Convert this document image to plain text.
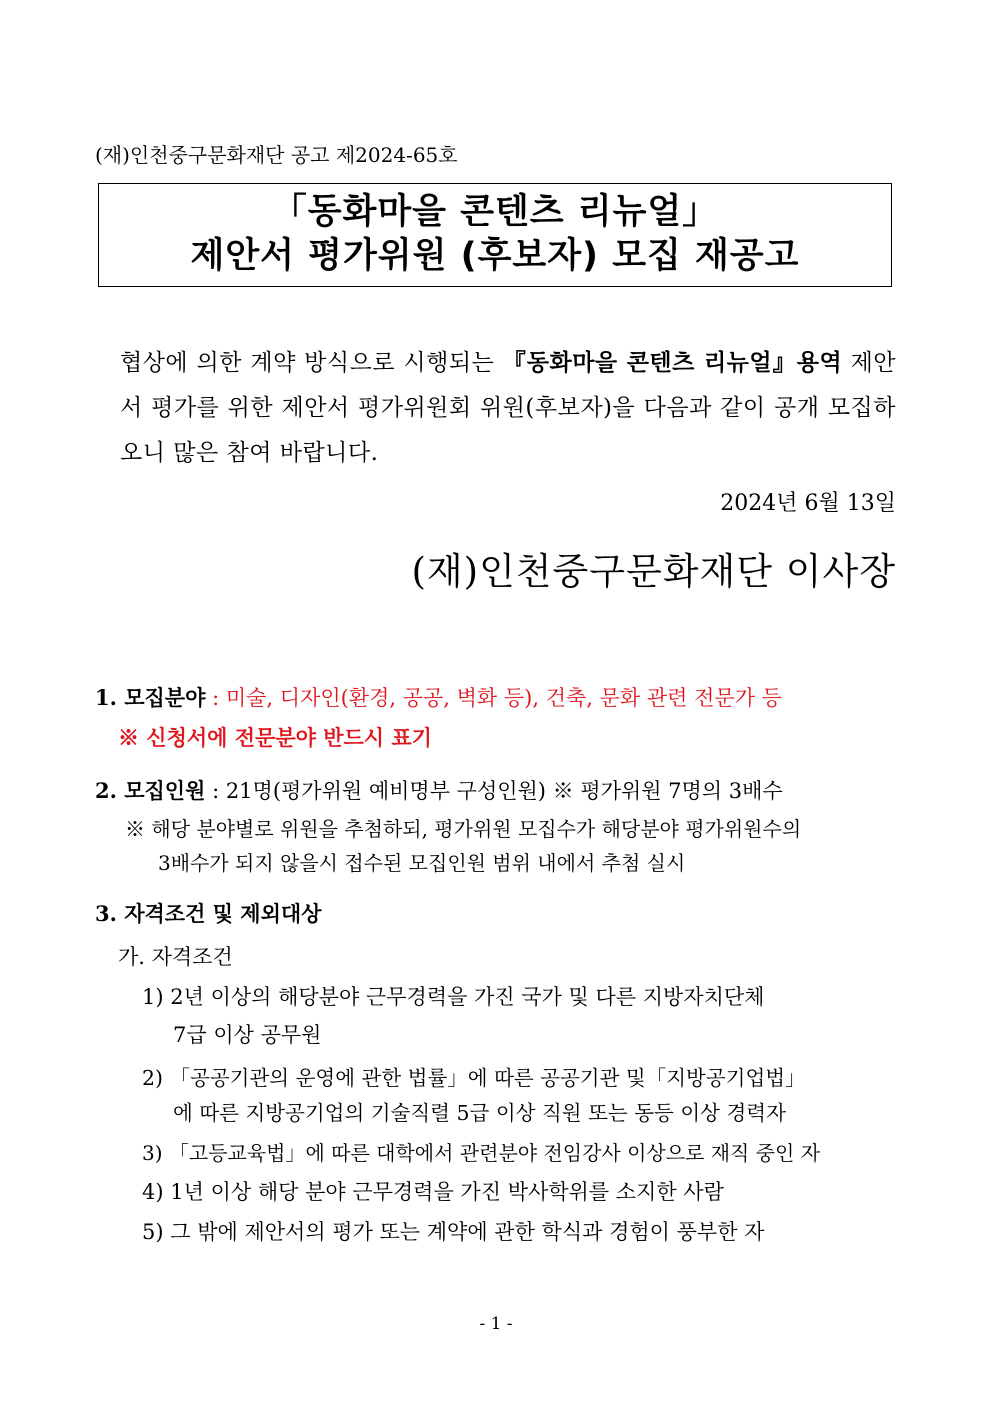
(재)인천중구문화재단 공고 제2024-65호
「동화마을 콘텐츠 리뉴얼」
제안서 평가위원 (후보자) 모집 재공고
협상에 의한 계약 방식으로 시행되는 『동화마을 콘텐츠 리뉴얼』용역 제안서 평가를 위한 제안서 평가위원회 위원(후보자)을 다음과 같이 공개 모집하오니 많은 참여 바랍니다.
2024년 6월 13일
(재)인천중구문화재단 이사장
1. 모집분야 : 미술, 디자인(환경, 공공, 벽화 등), 건축, 문화 관련 전문가 등
※ 신청서에 전문분야 반드시 표기
2. 모집인원 : 21명(평가위원 예비명부 구성인원) ※ 평가위원 7명의 3배수
※ 해당 분야별로 위원을 추첨하되, 평가위원 모집수가 해당분야 평가위원수의
3배수가 되지 않을시 접수된 모집인원 범위 내에서 추첨 실시
3. 자격조건 및 제외대상
가. 자격조건
1) 2년 이상의 해당분야 근무경력을 가진 국가 및 다른 지방자치단체
7급 이상 공무원
2) 「공공기관의 운영에 관한 법률」에 따른 공공기관 및「지방공기업법」
에 따른 지방공기업의 기술직렬 5급 이상 직원 또는 동등 이상 경력자
3) 「고등교육법」에 따른 대학에서 관련분야 전임강사 이상으로 재직 중인 자
4) 1년 이상 해당 분야 근무경력을 가진 박사학위를 소지한 사람
5) 그 밖에 제안서의 평가 또는 계약에 관한 학식과 경험이 풍부한 자
- 1 -
